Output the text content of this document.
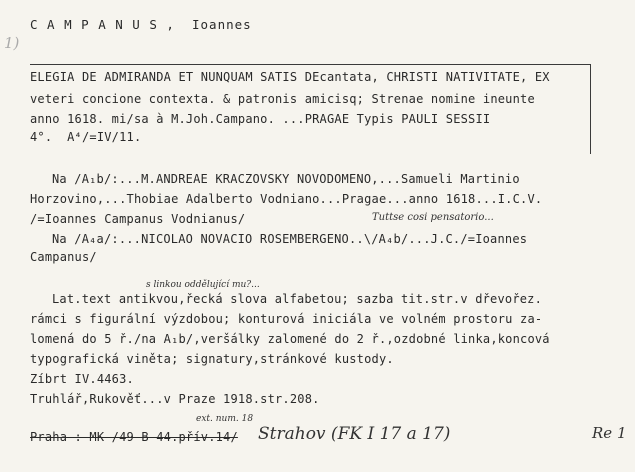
C A M P A N U S ,  Ioannes
1)
ELEGIA DE ADMIRANDA ET NUNQUAM SATIS DEcantata, CHRISTI NATIVITATE, EX
veteri concione contexta. & patronis amicisq; Strenae nomine ineunte
anno 1618. mi/sa à M.Joh.Campano. ...PRAGAE Typis PAULI SESSII
4°.  A⁴/=IV/11.
Na /A₁b/:...M.ANDREAE KRACZOVSKY NOVODOMENO,...Samueli Martinio
Horzovino,...Thobiae Adalberto Vodniano...Pragae...anno 1618...I.C.V.
/=Ioannes Campanus Vodnianus/	Tuttse cosi pensatorio...
Na /A₄a/:...NICOLAO NOVACIO ROSEMBERGENO..\/A₄b/...J.C./=Ioannes
Campanus/
s linkou oddělující mu?...
Lat.text antikvou,řecká slova alfabetou; sazba tit.str.v dřevořez.
rámci s figurální výzdobou; konturová iniciála ve volném prostoru za-
lomená do 5 ř./na A₁b/,veršálky zalomené do 2 ř.,ozdobné linka,koncová
typografická viněta; signatury,stránkové kustody.
Zíbrt IV.4463.
Truhlář,Rukověť...v Praze 1918.str.208.
ext. num. 18
Praha : MK /49 B 44.přív.14/ Strahov (FK I 17 a 17)	Re 1
